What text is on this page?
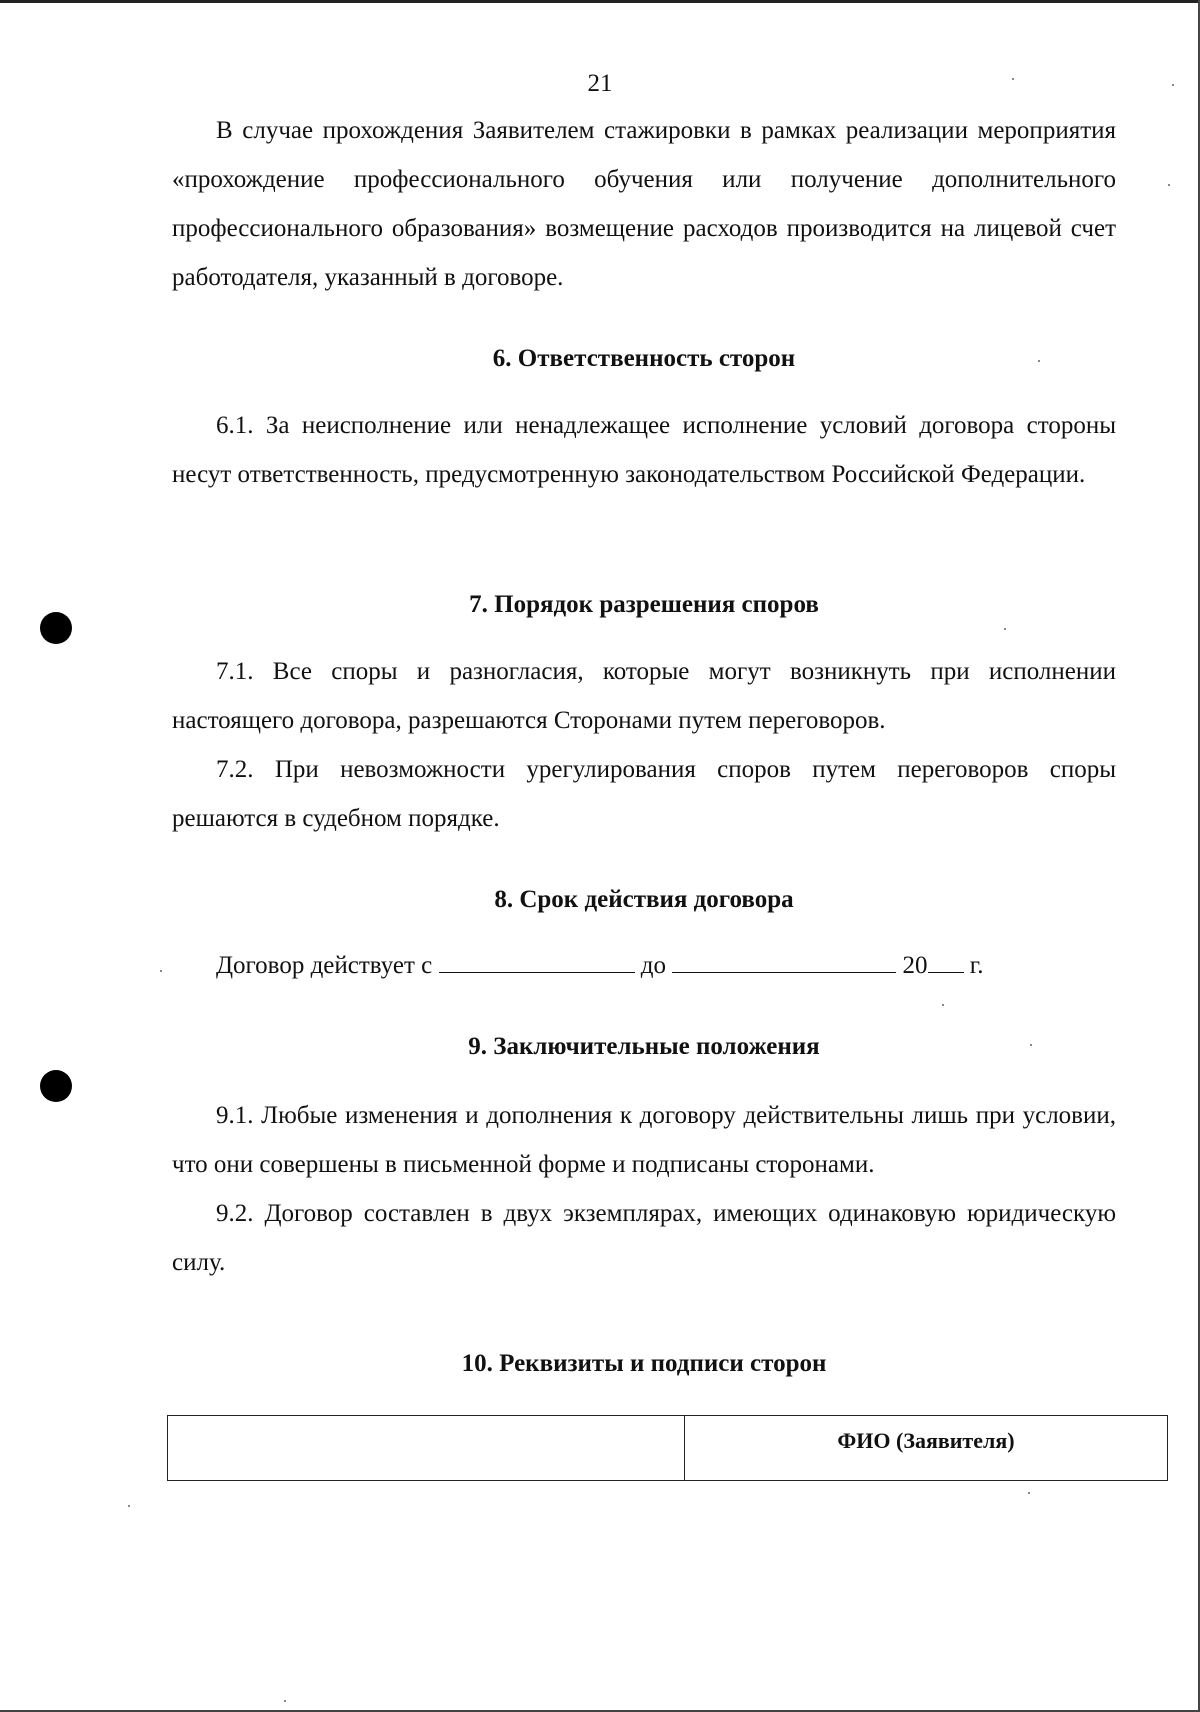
21

В случае прохождения Заявителем стажировки в рамках реализации мероприятия «прохождение профессионального обучения или получение дополнительного профессионального образования» возмещение расходов производится на лицевой счет работодателя, указанный в договоре.

6. Ответственность сторон

6.1. За неисполнение или ненадлежащее исполнение условий договора стороны несут ответственность, предусмотренную законодательством Российской Федерации.

7. Порядок разрешения споров

7.1. Все споры и разногласия, которые могут возникнуть при исполнении настоящего договора, разрешаются Сторонами путем переговоров.

7.2. При невозможности урегулирования споров путем переговоров споры решаются в судебном порядке.

8. Срок действия договора
Договор действует с	до	20 г.
9. Заключительные положения

9.1. Любые изменения и дополнения к договору действительны лишь при условии, что они совершены в письменной форме и подписаны сторонами.

9.2. Договор составлен в двух экземплярах, имеющих одинаковую юридическую силу.

10. Реквизиты и подписи сторон
	ФИО (Заявителя)
